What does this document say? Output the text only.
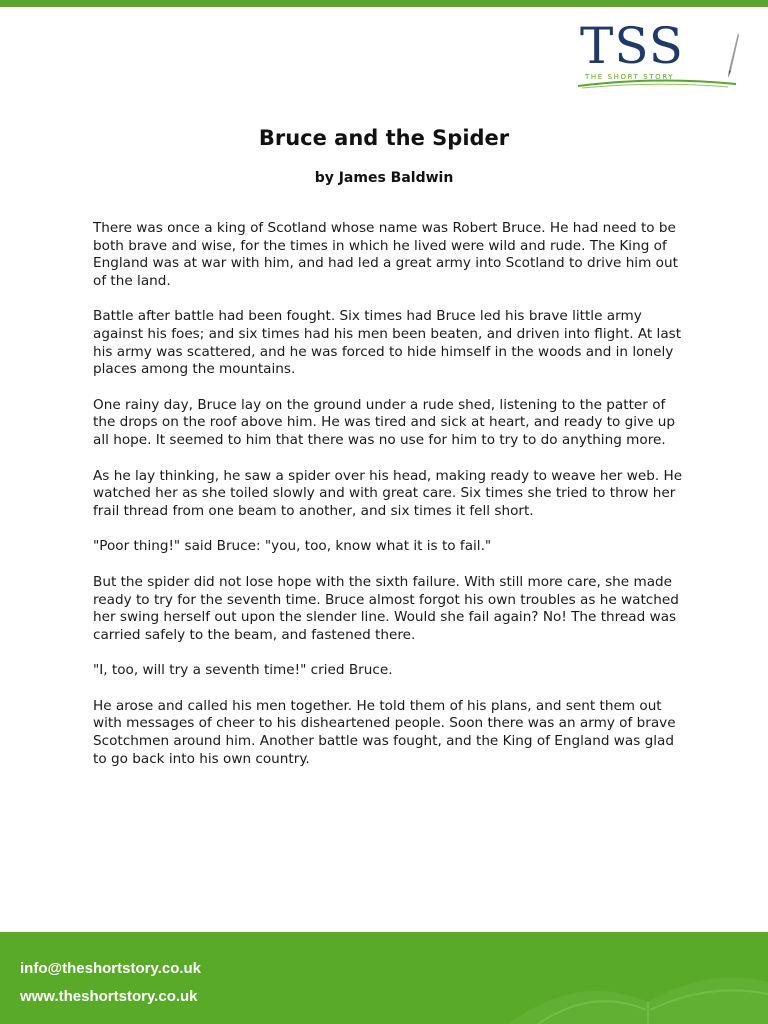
TSS
THE SHORT STORY
Bruce and the Spider
by James Baldwin

There was once a king of Scotland whose name was Robert Bruce. He had need to be both brave and wise, for the times in which he lived were wild and rude. The King of England was at war with him, and had led a great army into Scotland to drive him out of the land.

Battle after battle had been fought. Six times had Bruce led his brave little army against his foes; and six times had his men been beaten, and driven into flight. At last his army was scattered, and he was forced to hide himself in the woods and in lonely places among the mountains.

One rainy day, Bruce lay on the ground under a rude shed, listening to the patter of the drops on the roof above him. He was tired and sick at heart, and ready to give up all hope. It seemed to him that there was no use for him to try to do anything more.

As he lay thinking, he saw a spider over his head, making ready to weave her web. He watched her as she toiled slowly and with great care. Six times she tried to throw her frail thread from one beam to another, and six times it fell short.

"Poor thing!" said Bruce: "you, too, know what it is to fail."

But the spider did not lose hope with the sixth failure. With still more care, she made ready to try for the seventh time. Bruce almost forgot his own troubles as he watched her swing herself out upon the slender line. Would she fail again? No! The thread was carried safely to the beam, and fastened there.

"I, too, will try a seventh time!" cried Bruce.

He arose and called his men together. He told them of his plans, and sent them out with messages of cheer to his disheartened people. Soon there was an army of brave Scotchmen around him. Another battle was fought, and the King of England was glad to go back into his own country.

info@theshortstory.co.uk
www.theshortstory.co.uk
